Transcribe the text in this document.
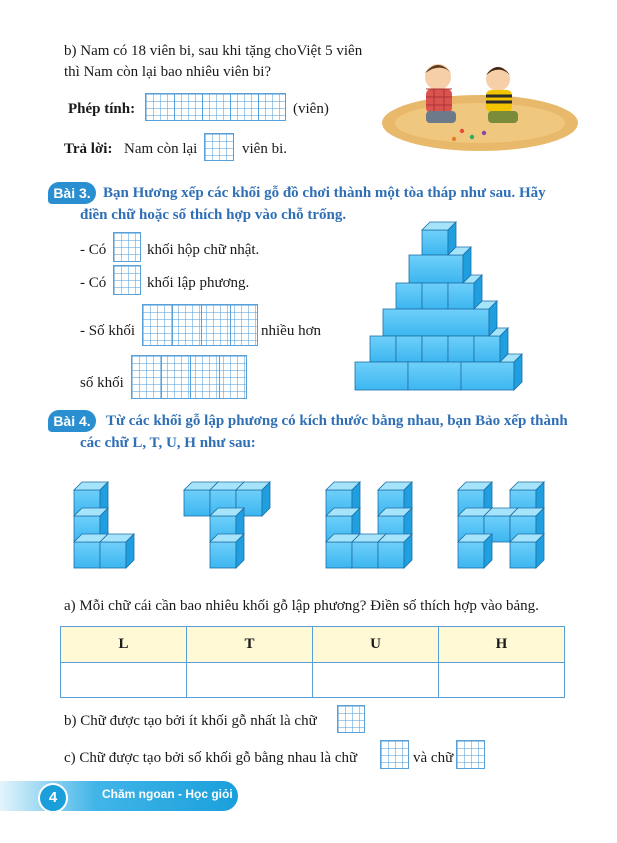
b) Nam có 18 viên bi, sau khi tặng choViệt 5 viên
thì Nam còn lại bao nhiêu viên bi?
Phép tính:	(viên)
Trả lời: Nam còn lại	viên bi.
Bài 3. Bạn Hương xếp các khối gỗ đồ chơi thành một tòa tháp như sau. Hãy
điền chữ hoặc số thích hợp vào chỗ trống.
- Có	khối hộp chữ nhật.
- Có	khối lập phương.
- Số khối	nhiều hơn
số khối
Bài 4.	Từ các khối gỗ lập phương có kích thước bằng nhau, bạn Bảo xếp thành
các chữ L, T, U, H như sau:
a) Mỗi chữ cái cần bao nhiêu khối gỗ lập phương? Điền số thích hợp vào bảng.
L	T	U	H

b) Chữ được tạo bởi ít khối gỗ nhất là chữ
c) Chữ được tạo bởi số khối gỗ bằng nhau là chữ	và chữ
4	Chăm ngoan - Học giỏi
